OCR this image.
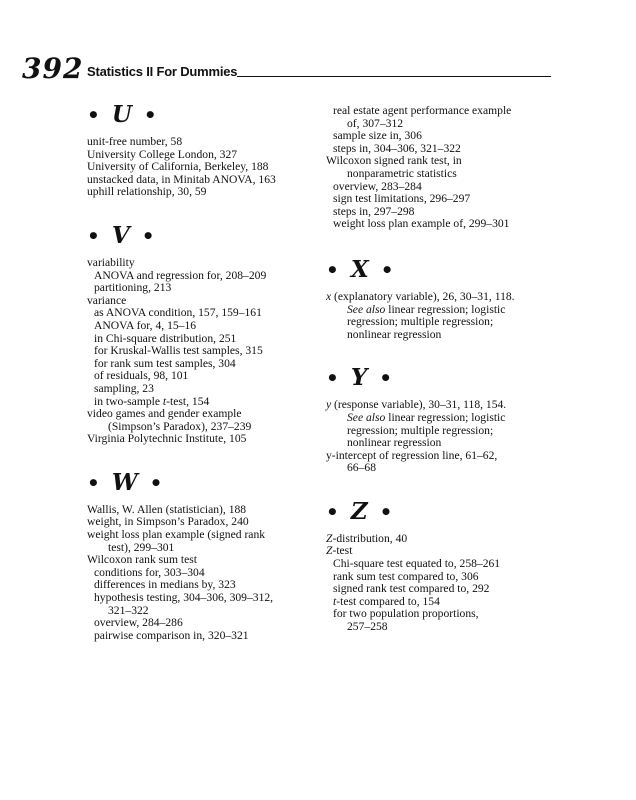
392 Statistics II For Dummies
• U •
unit-free number, 58
University College London, 327
University of California, Berkeley, 188
unstacked data, in Minitab ANOVA, 163
uphill relationship, 30, 59
• V •
variability
ANOVA and regression for, 208–209
partitioning, 213
variance
as ANOVA condition, 157, 159–161
ANOVA for, 4, 15–16
in Chi-square distribution, 251
for Kruskal-Wallis test samples, 315
for rank sum test samples, 304
of residuals, 98, 101
sampling, 23
in two-sample t-test, 154
video games and gender example
(Simpson’s Paradox), 237–239
Virginia Polytechnic Institute, 105
• W •
Wallis, W. Allen (statistician), 188
weight, in Simpson’s Paradox, 240
weight loss plan example (signed rank
test), 299–301
Wilcoxon rank sum test
conditions for, 303–304
differences in medians by, 323
hypothesis testing, 304–306, 309–312,
321–322
overview, 284–286
pairwise comparison in, 320–321
real estate agent performance example
of, 307–312
sample size in, 306
steps in, 304–306, 321–322
Wilcoxon signed rank test, in
nonparametric statistics
overview, 283–284
sign test limitations, 296–297
steps in, 297–298
weight loss plan example of, 299–301
• X •
x (explanatory variable), 26, 30–31, 118.
See also linear regression; logistic
regression; multiple regression;
nonlinear regression
• Y •
y (response variable), 30–31, 118, 154.
See also linear regression; logistic
regression; multiple regression;
nonlinear regression
y-intercept of regression line, 61–62,
66–68
• Z •
Z-distribution, 40
Z-test
Chi-square test equated to, 258–261
rank sum test compared to, 306
signed rank test compared to, 292
t-test compared to, 154
for two population proportions,
257–258
